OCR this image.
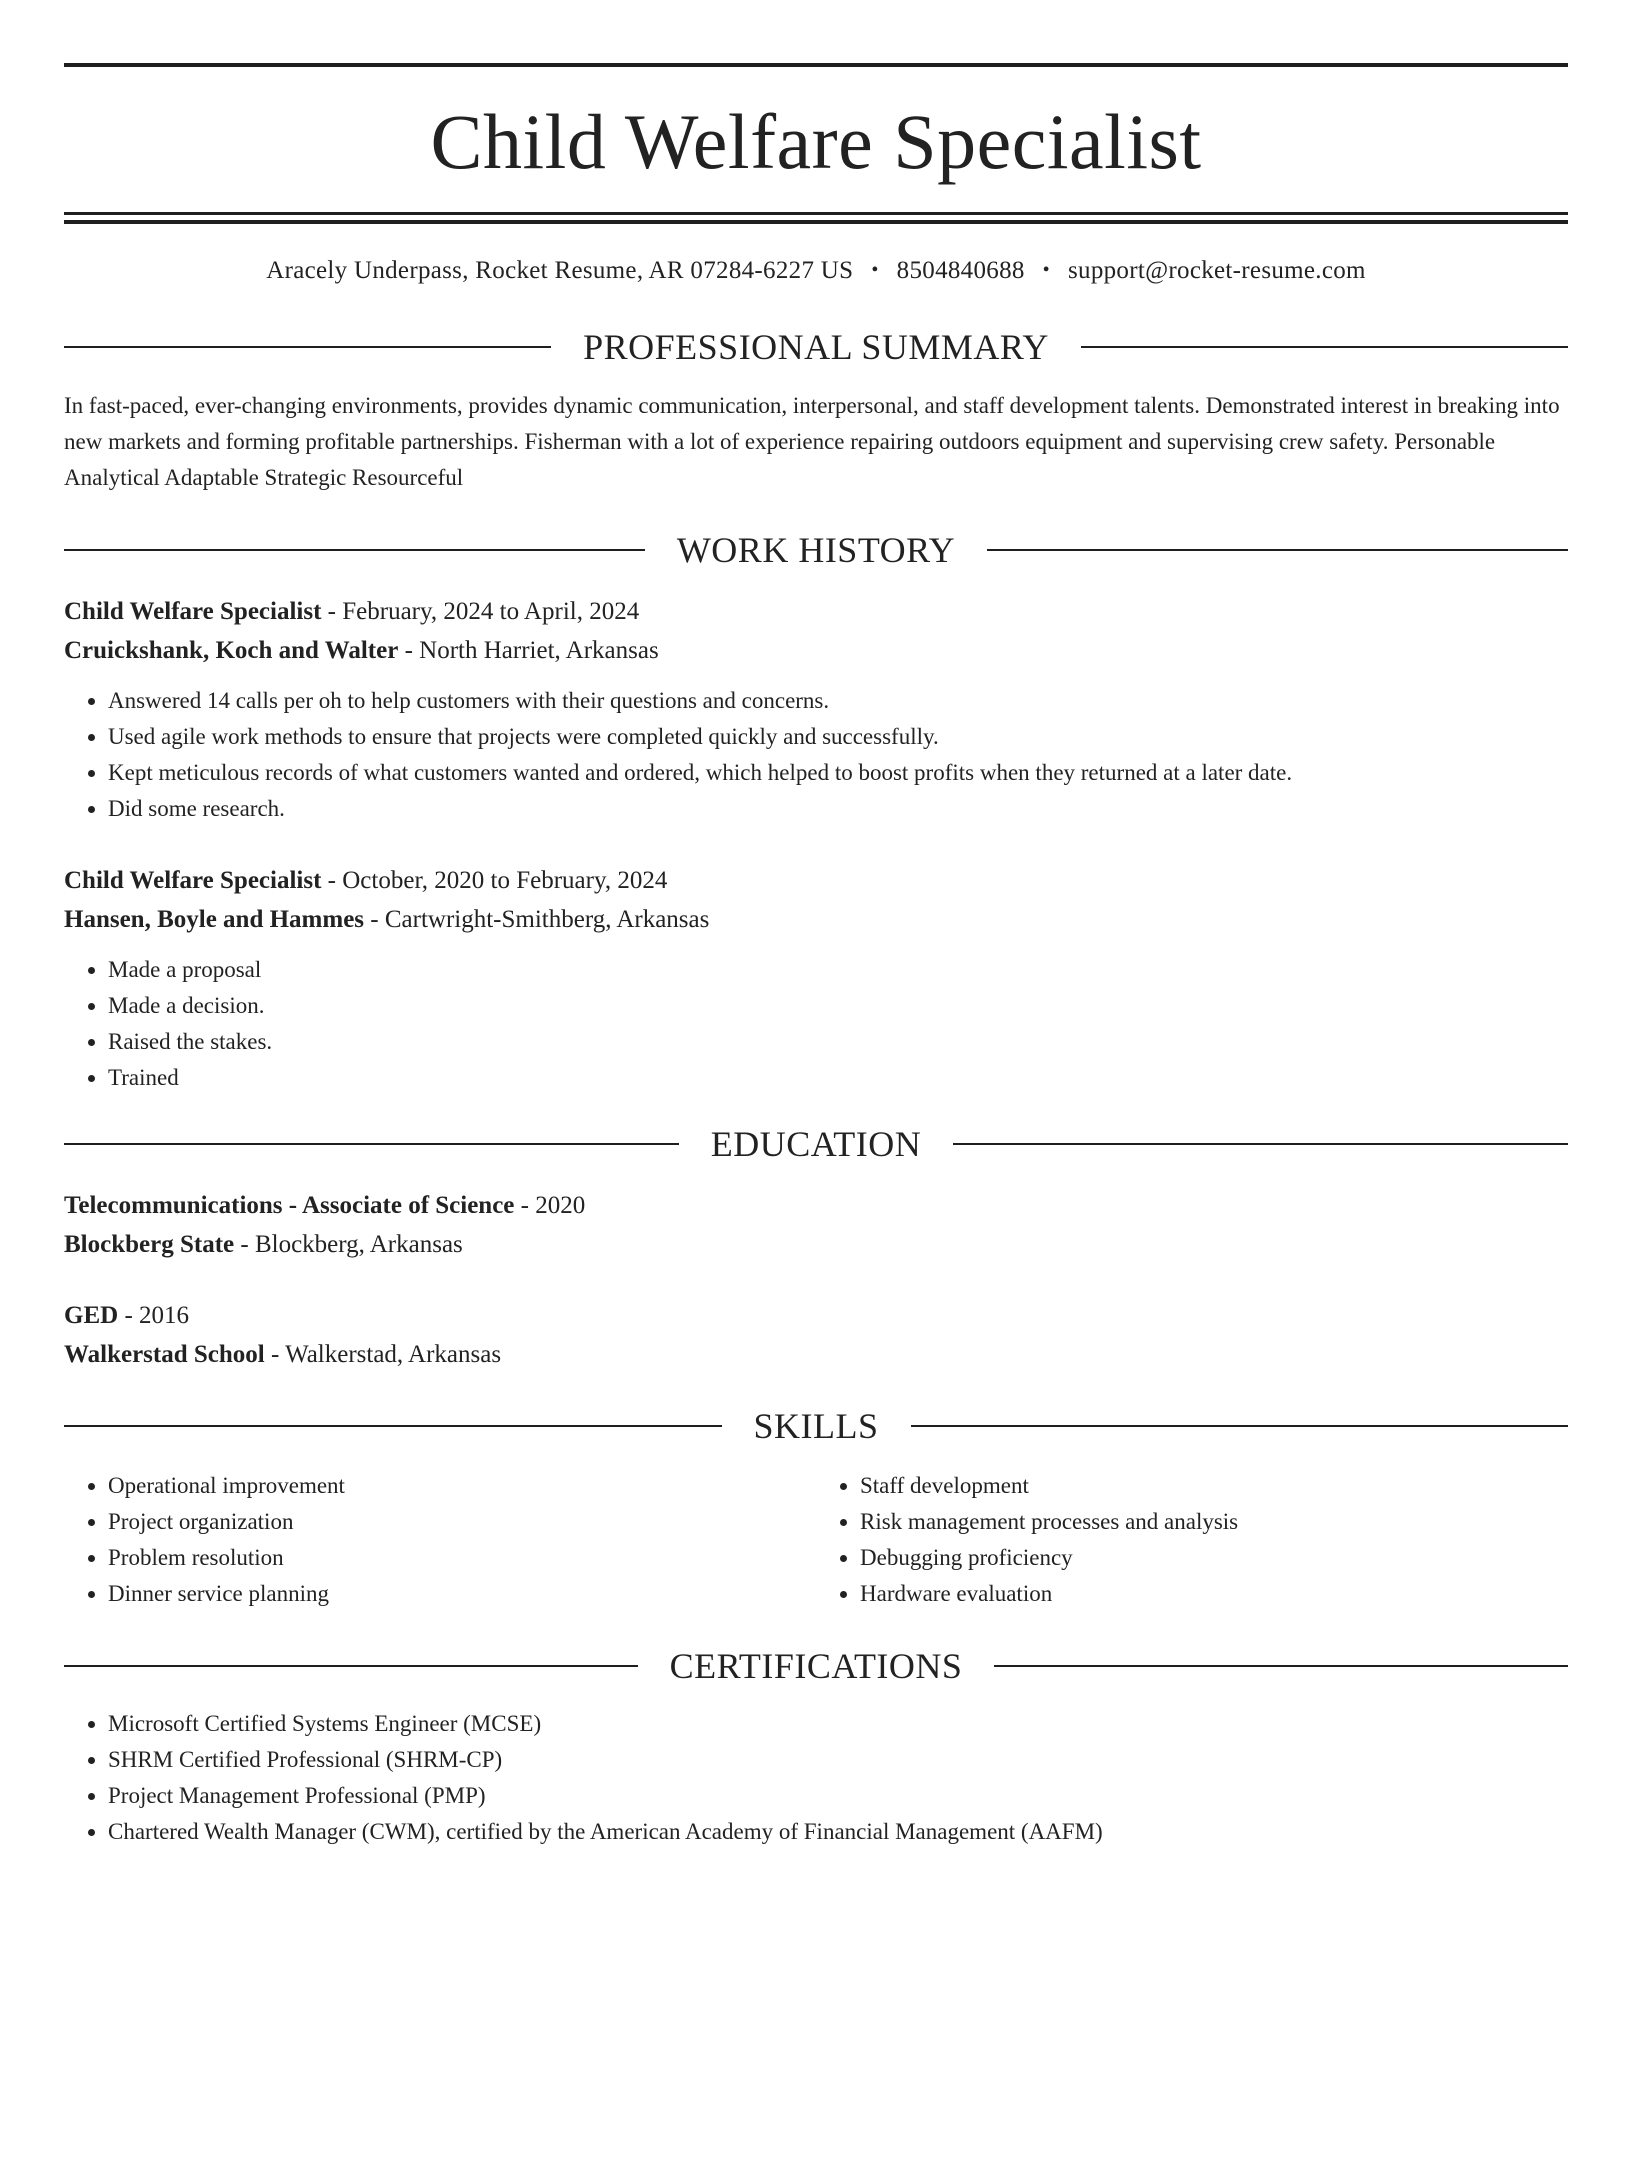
Child Welfare Specialist
Aracely Underpass, Rocket Resume, AR 07284-6227 US • 8504840688 • support@rocket-resume.com
PROFESSIONAL SUMMARY
In fast-paced, ever-changing environments, provides dynamic communication, interpersonal, and staff development talents. Demonstrated interest in breaking into new markets and forming profitable partnerships. Fisherman with a lot of experience repairing outdoors equipment and supervising crew safety. Personable Analytical Adaptable Strategic Resourceful
WORK HISTORY
Child Welfare Specialist - February, 2024 to April, 2024
Cruickshank, Koch and Walter - North Harriet, Arkansas
• Answered 14 calls per oh to help customers with their questions and concerns.
• Used agile work methods to ensure that projects were completed quickly and successfully.
• Kept meticulous records of what customers wanted and ordered, which helped to boost profits when they returned at a later date.
• Did some research.
Child Welfare Specialist - October, 2020 to February, 2024
Hansen, Boyle and Hammes - Cartwright-Smithberg, Arkansas
• Made a proposal
• Made a decision.
• Raised the stakes.
• Trained
EDUCATION
Telecommunications - Associate of Science - 2020
Blockberg State - Blockberg, Arkansas
GED - 2016
Walkerstad School - Walkerstad, Arkansas
SKILLS
• Operational improvement
• Project organization
• Problem resolution
• Dinner service planning
• Staff development
• Risk management processes and analysis
• Debugging proficiency
• Hardware evaluation
CERTIFICATIONS
• Microsoft Certified Systems Engineer (MCSE)
• SHRM Certified Professional (SHRM-CP)
• Project Management Professional (PMP)
• Chartered Wealth Manager (CWM), certified by the American Academy of Financial Management (AAFM)
